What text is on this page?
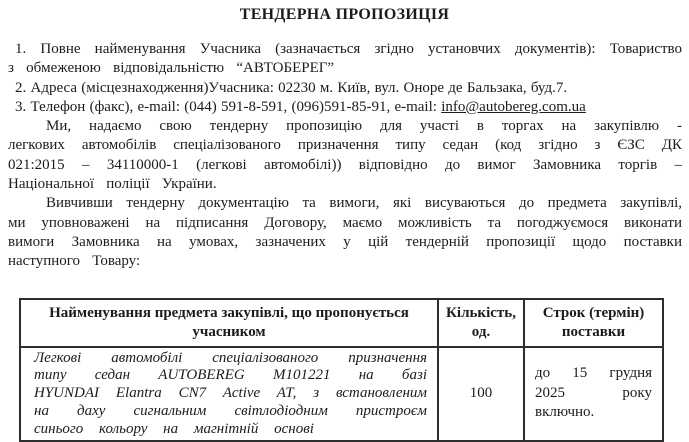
ТЕНДЕРНА ПРОПОЗИЦІЯ

1. Повне найменування Учасника (зазначається згідно установчих документів): Товариство з обмеженою відповідальністю “АВТОБЕРЕГ”

2. Адреса (місцезнаходження)Учасника: 02230 м. Київ, вул. Оноре де Бальзака, буд.7.

3. Телефон (факс), e-mail: (044) 591-8-591, (096)591-85-91, e-mail: info@autobereg.com.ua

Ми, надаємо свою тендерну пропозицію для участі в торгах на закупівлю - легкових автомобілів спеціалізованого призначення типу седан (код згідно з ЄЗС ДК 021:2015 – 34110000-1 (легкові автомобілі)) відповідно до вимог Замовника торгів – Національної поліції України.

Вивчивши тендерну документацію та вимоги, які висуваються до предмета закупівлі, ми уповноважені на підписання Договору, маємо можливість та погоджуємося виконати вимоги Замовника на умовах, зазначених у цій тендерній пропозиції щодо поставки наступного Товару:

Найменування предмета закупівлі, що пропонується учасником	Кількість, од.	Строк (термін) поставки
Легкові автомобілі спеціалізованого призначення типу седан AUTOBEREG M101221 на базі HYUNDAI Elantra CN7 Active AT, з встановленим на даху сигнальним світлодіодним пристроєм синього кольору на магнітній основі	100	до 15 грудня 2025 року включно.
